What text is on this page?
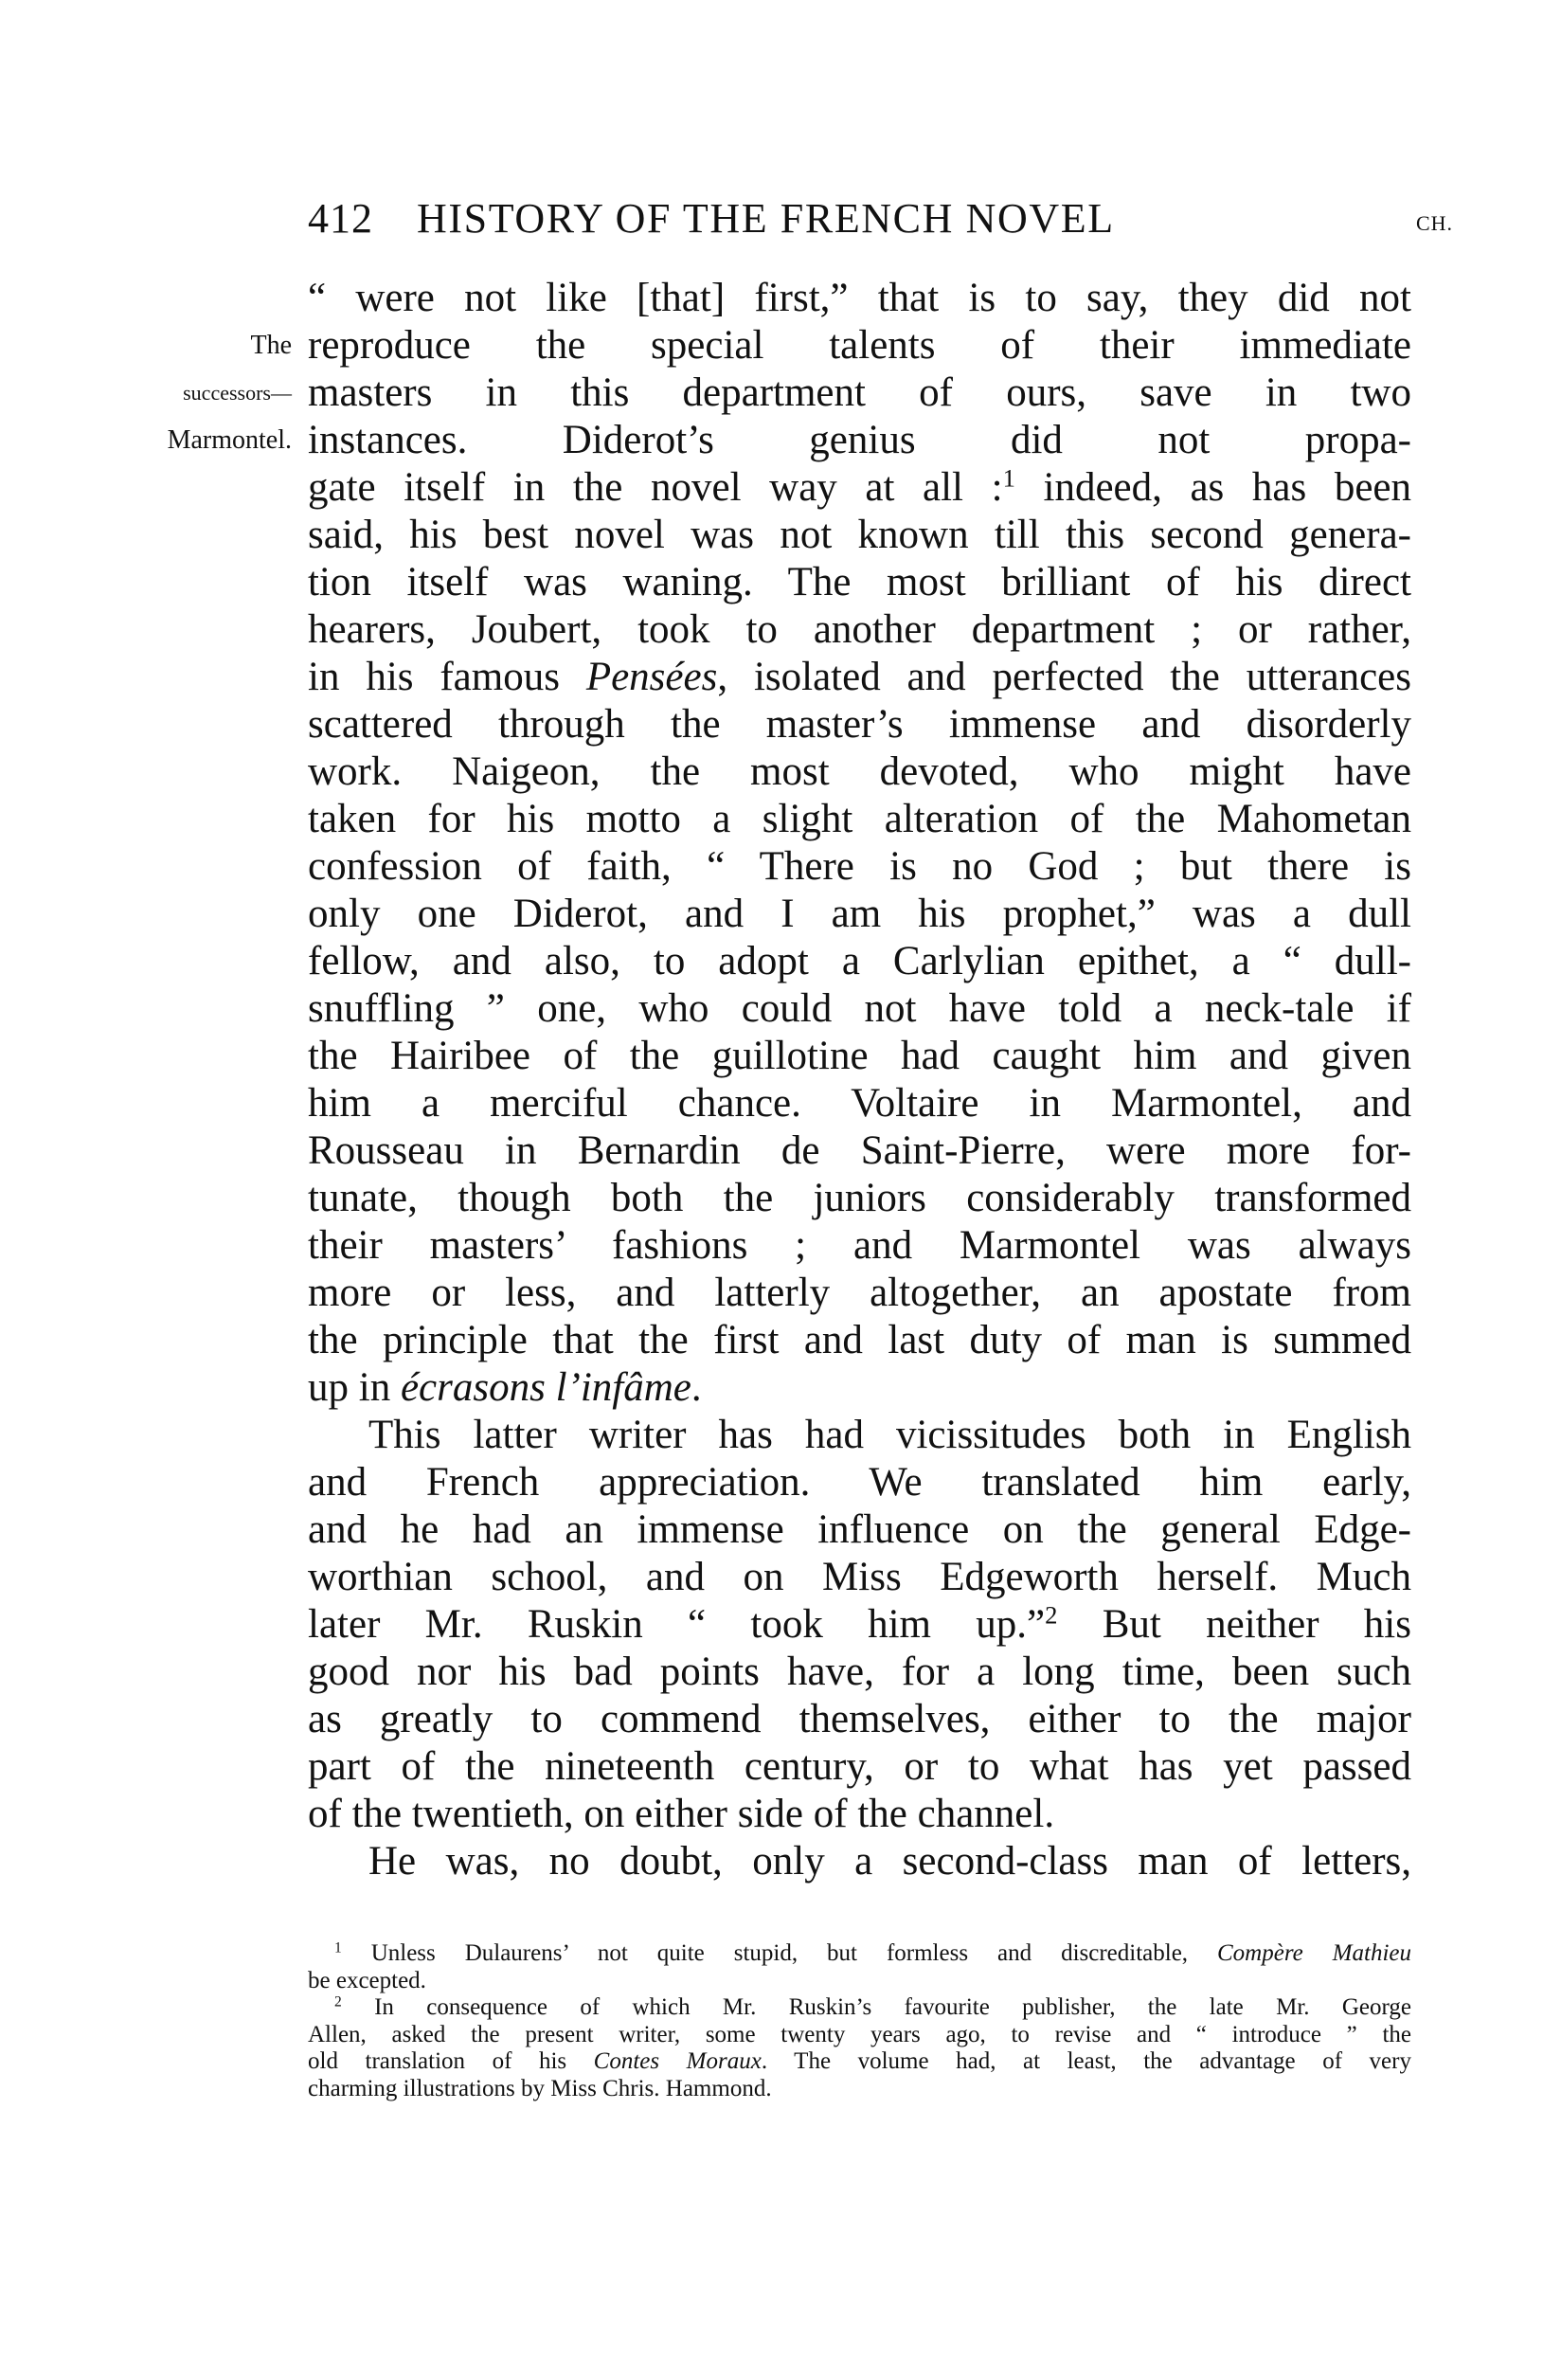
412 HISTORY OF THE FRENCH NOVEL	CH.
The
successors—
Marmontel.
“ were not like [that] first,” that is to say, they did not
reproduce the special talents of their immediate
masters in this department of ours, save in two
instances. Diderot’s genius did not propa-
gate itself in the novel way at all :$^1$ indeed, as has been
said, his best novel was not known till this second genera-
tion itself was waning. The most brilliant of his direct
hearers, Joubert, took to another department ; or rather,
in his famous Pensées, isolated and perfected the utterances
scattered through the master’s immense and disorderly
work. Naigeon, the most devoted, who might have
taken for his motto a slight alteration of the Mahometan
confession of faith, “ There is no God ; but there is
only one Diderot, and I am his prophet,” was a dull
fellow, and also, to adopt a Carlylian epithet, a “ dull-
snuffling ” one, who could not have told a neck-tale if
the Hairibee of the guillotine had caught him and given
him a merciful chance. Voltaire in Marmontel, and
Rousseau in Bernardin de Saint-Pierre, were more for-
tunate, though both the juniors considerably transformed
their masters’ fashions ; and Marmontel was always
more or less, and latterly altogether, an apostate from
the principle that the first and last duty of man is summed
up in écrasons l’infâme.
This latter writer has had vicissitudes both in English
and French appreciation. We translated him early,
and he had an immense influence on the general Edge-
worthian school, and on Miss Edgeworth herself. Much
later Mr. Ruskin “ took him up.”$^2$ But neither his
good nor his bad points have, for a long time, been such
as greatly to commend themselves, either to the major
part of the nineteenth century, or to what has yet passed
of the twentieth, on either side of the channel.
He was, no doubt, only a second-class man of letters,
$^1$ Unless Dulaurens’ not quite stupid, but formless and discreditable, Compère Mathieu
be excepted.
$^2$ In consequence of which Mr. Ruskin’s favourite publisher, the late Mr. George
Allen, asked the present writer, some twenty years ago, to revise and “ introduce ” the
old translation of his Contes Moraux. The volume had, at least, the advantage of very
charming illustrations by Miss Chris. Hammond.
